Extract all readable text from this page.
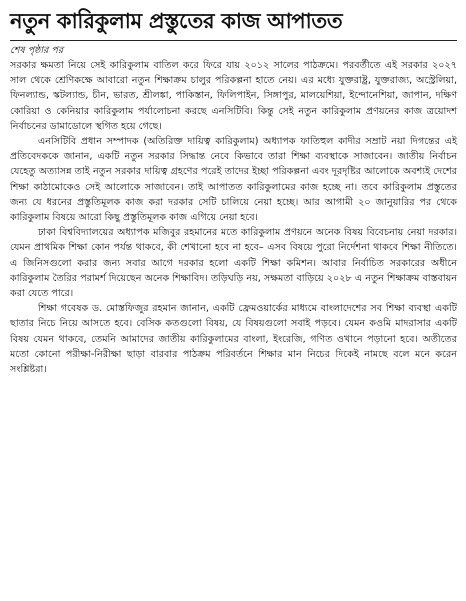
নতুন কারিকুলাম প্রস্তুতের কাজ আপাতত

শেষ পৃষ্ঠার পর

সরকার ক্ষমতা নিয়ে সেই কারিকুলাম বাতিল করে ফিরে যায় ২০১২ সালের পাঠক্রমে। পরবর্তীতে এই সরকার ২০২৭ সাল থেকে শ্রেণিকক্ষে আবারো নতুন শিক্ষাক্রম চালুর পরিকল্পনা হাতে নেয়। এর মধ্যে যুক্তরাষ্ট্র, যুক্তরাজ্য, অস্ট্রেলিয়া, ফিনল্যান্ড, স্কটল্যান্ড, চীন, ভারত, শ্রীলঙ্কা, পাকিস্তান, ফিলিপাইন, সিঙ্গাপুর, মালয়েশিয়া, ইন্দোনেশিয়া, জাপান, দক্ষিণ কোরিয়া ও কেনিয়ার কারিকুলাম পর্যালোচনা করছে এনসিটিবি। কিন্তু সেই নতুন কারিকুলাম প্রণয়নের কাজ ত্রয়োদশ নির্বাচনের ডামাডোলে স্থগিত হয়ে গেছে।

এনসিটিবি প্রধান সম্পাদক (অতিরিক্ত দায়িত্ব কারিকুলাম) অধ্যাপক ফাতিহুল কাদীর সম্রাট নয়া দিগন্তের এই প্রতিবেদককে জানান, একটি নতুন সরকার সিদ্ধান্ত নেবে কিভাবে তারা শিক্ষা ব্যবস্থাকে সাজাবেন। জাতীয় নির্বাচন যেহেতু অত্যাসন্ন তাই নতুন সরকার দায়িত্ব গ্রহণের পরেই তাদের ইচ্ছা পরিকল্পনা এবং দূরদৃষ্টির আলোকে অবশ্যই দেশের শিক্ষা কাঠামোকেও সেই আলোকে সাজাবেন। তাই আপাতত কারিকুলামের কাজ হচ্ছে না। তবে কারিকুলাম প্রস্তুতের জন্য যে ধরনের প্রস্তুতিমূলক কাজ করা দরকার সেটি চালিয়ে নেয়া হচ্ছে। আর আগামী ২০ জানুয়ারির পর থেকে কারিকুলাম বিষয়ে আরো কিছু প্রস্তুতিমূলক কাজ এগিয়ে নেয়া হবে।

ঢাকা বিশ্ববিদ্যালয়ের অধ্যাপক মজিবুর রহমানের মতে কারিকুলাম প্রণয়নে অনেক বিষয় বিবেচনায় নেয়া দরকার। যেমন প্রাথমিক শিক্ষা কোন পর্যন্ত থাকবে, কী শেখানো হবে না হবে– এসব বিষয়ে পুরো নির্দেশনা থাকবে শিক্ষা নীতিতে। এ জিনিসগুলো করার জন্য সবার আগে দরকার হলো একটি শিক্ষা কমিশন। আবার নির্বাচিত সরকারের অধীনে কারিকুলাম তৈরির পরামর্শ দিয়েছেন অনেক শিক্ষাবিদ। তড়িঘড়ি নয়, সক্ষমতা বাড়িয়ে ২০২৮ এ নতুন শিক্ষাক্রম বাস্তবায়ন করা যেতে পারে।

শিক্ষা গবেষক ড. মোস্তফিজুর রহমান জানান, একটি ফ্রেমওয়ার্কের মাধ্যমে বাংলাদেশের সব শিক্ষা ব্যবস্থা একটি ছাতার নিচে নিয়ে আসতে হবে। বেসিক কতগুলো বিষয়, যে বিষয়গুলো সবাই পড়বে। যেমন কওমি মাদরাসার একটি বিষয় যেমন থাকবে, তেমনি আমাদের জাতীয় কারিকুলামের বাংলা, ইংরেজি, গণিত ওখানে পড়ানো হবে। অতীতের মতো কোনো পরীক্ষা-নিরীক্ষা ছাড়া বারবার পাঠক্রম পরিবর্তনে শিক্ষার মান নিচের দিকেই নামছে বলে মনে করেন সংশ্লিষ্টরা।
